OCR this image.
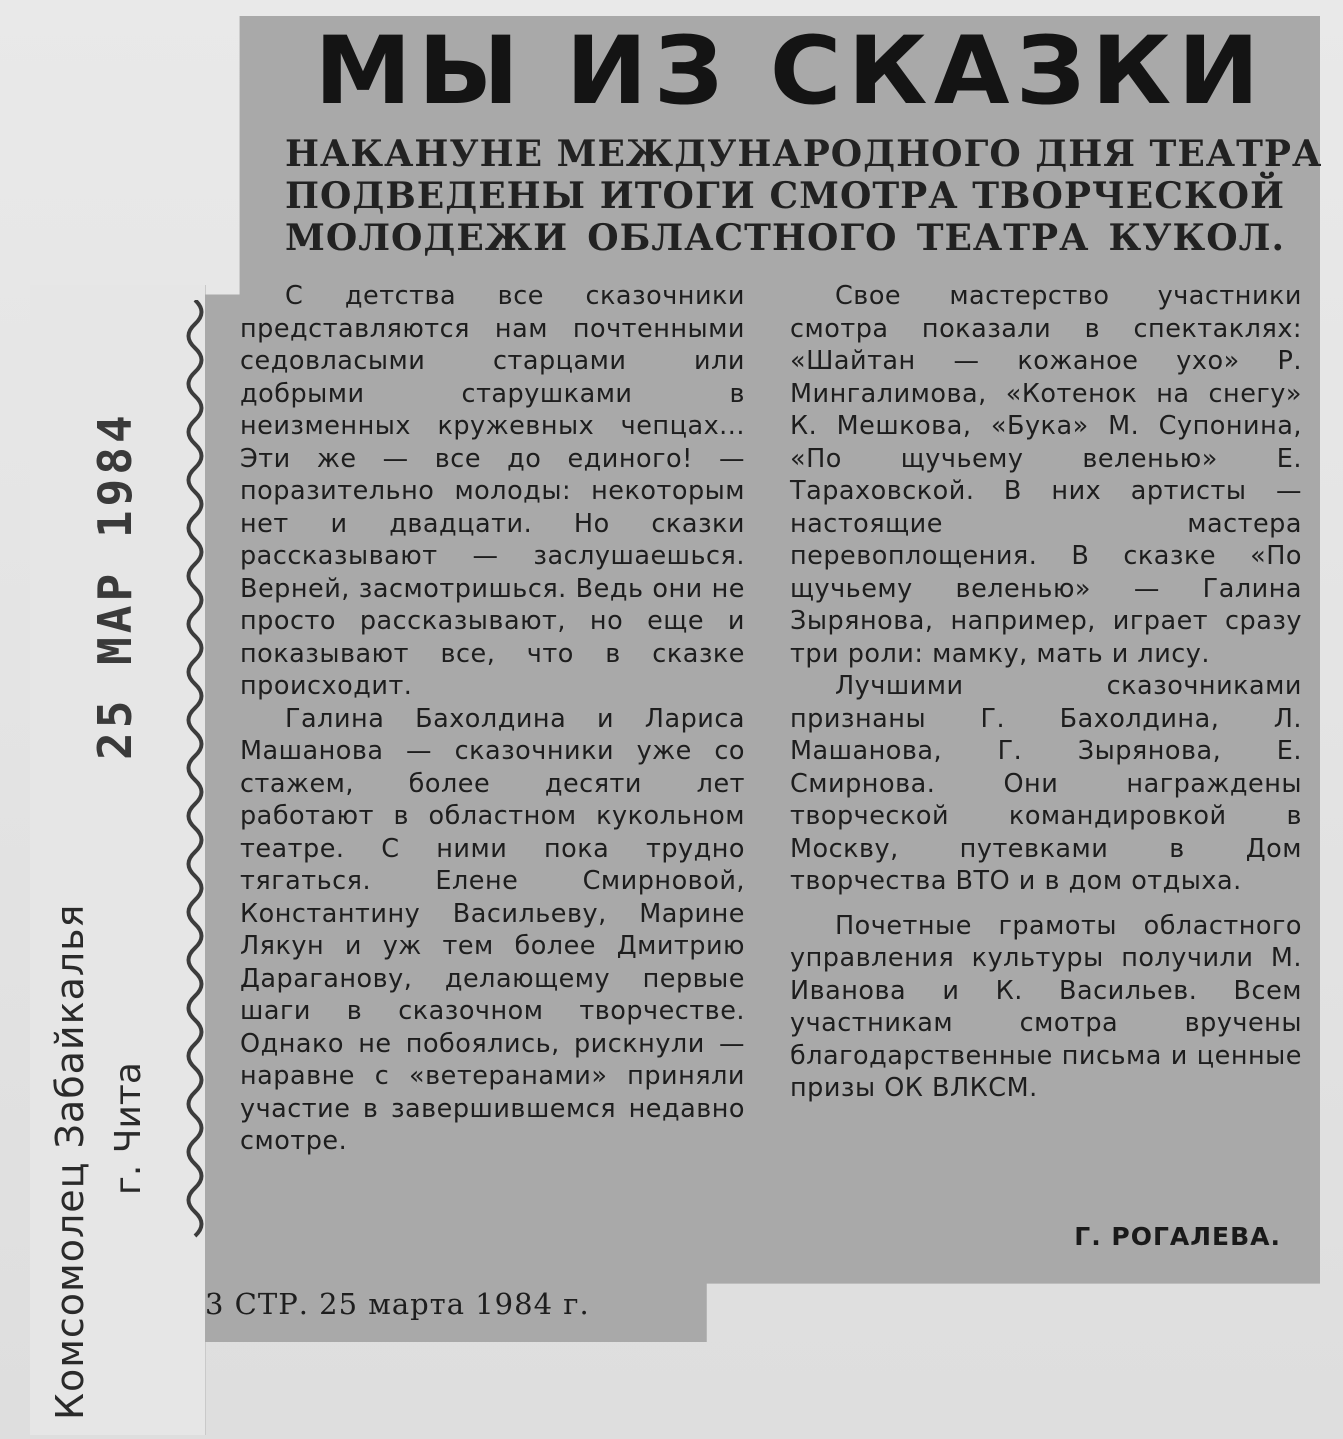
Комсомолец Забайкалья г. Чита
25 МАР 1984
МЫ ИЗ СКАЗКИ
НАКАНУНЕ МЕЖДУНАРОДНОГО ДНЯ ТЕАТРА
ПОДВЕДЕНЫ ИТОГИ СМОТРА ТВОРЧЕСКОЙ
МОЛОДЕЖИ ОБЛАСТНОГО ТЕАТРА КУКОЛ.

С детства все сказочники представляются нам почтенными седовласыми старцами или добрыми старушками в неизменных кружевных чепцах... Эти же — все до единого! — поразительно молоды: некоторым нет и двадцати. Но сказки рассказывают — заслушаешься. Верней, засмотришься. Ведь они не просто рассказывают, но еще и показывают все, что в сказке происходит.

Галина Бахолдина и Лариса Машанова — сказочники уже со стажем, более десяти лет работают в областном кукольном театре. С ними пока трудно тягаться. Елене Смирновой, Константину Васильеву, Марине Лякун и уж тем более Дмитрию Дараганову, делающему первые шаги в сказочном творчестве. Однако не побоялись, рискнули — наравне с «ветеранами» приняли участие в завершившемся недавно смотре.

Свое мастерство участники смотра показали в спектаклях: «Шайтан — кожаное ухо» Р. Мингалимова, «Котенок на снегу» К. Мешкова, «Бука» М. Супонина, «По щучьему веленью» Е. Тараховской. В них артисты — настоящие мастера перевоплощения. В сказке «По щучьему веленью» — Галина Зырянова, например, играет сразу три роли: мамку, мать и лису.

Лучшими сказочниками признаны Г. Бахолдина, Л. Машанова, Г. Зырянова, Е. Смирнова. Они награждены творческой командировкой в Москву, путевками в Дом творчества ВТО и в дом отдыха.

Почетные грамоты областного управления культуры получили М. Иванова и К. Васильев. Всем участникам смотра вручены благодарственные письма и ценные призы ОК ВЛКСМ.

Г. РОГАЛЕВА.
3 СТР. 25 марта 1984 г.
